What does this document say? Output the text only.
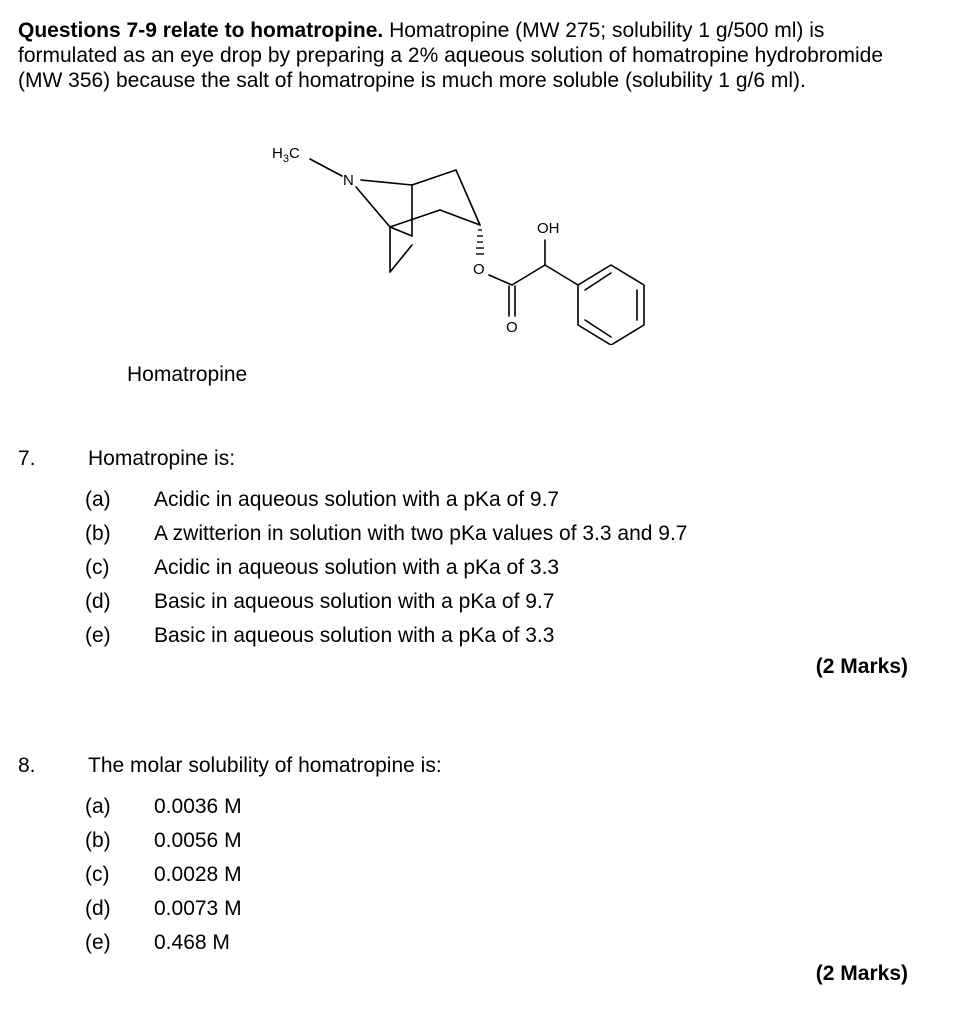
Questions 7-9 relate to homatropine. Homatropine (MW 275; solubility 1 g/500 ml) is formulated as an eye drop by preparing a 2% aqueous solution of homatropine hydrobromide (MW 356) because the salt of homatropine is much more soluble (solubility 1 g/6 ml).

$H_3C$
N
OH
O
O
Homatropine
7. Homatropine is:
(a) Acidic in aqueous solution with a pKa of 9.7
(b) A zwitterion in solution with two pKa values of 3.3 and 9.7
(c) Acidic in aqueous solution with a pKa of 3.3
(d) Basic in aqueous solution with a pKa of 9.7
(e) Basic in aqueous solution with a pKa of 3.3
(2 Marks)
8. The molar solubility of homatropine is:
(a) 0.0036 M
(b) 0.0056 M
(c) 0.0028 M
(d) 0.0073 M
(e) 0.468 M
(2 Marks)
